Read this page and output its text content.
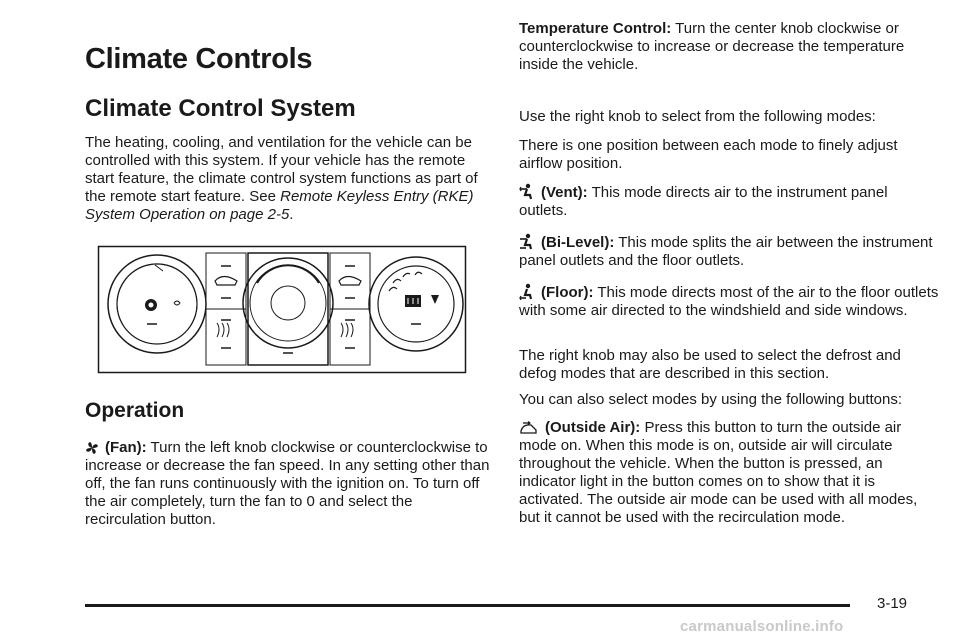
Climate Controls
Climate Control System

The heating, cooling, and ventilation for the vehicle can be controlled with this system. If your vehicle has the remote start feature, the climate control system functions as part of the remote start feature. See Remote Keyless Entry (RKE) System Operation on page 2-5.

Operation

(Fan): Turn the left knob clockwise or counterclockwise to increase or decrease the fan speed. In any setting other than off, the fan runs continuously with the ignition on. To turn off the air completely, turn the fan to 0 and select the recirculation button.

Temperature Control: Turn the center knob clockwise or counterclockwise to increase or decrease the temperature inside the vehicle.

Use the right knob to select from the following modes:

There is one position between each mode to finely adjust airflow position.

(Vent): This mode directs air to the instrument panel outlets.

(Bi-Level): This mode splits the air between the instrument panel outlets and the floor outlets.

(Floor): This mode directs most of the air to the floor outlets with some air directed to the windshield and side windows.

The right knob may also be used to select the defrost and defog modes that are described in this section.

You can also select modes by using the following buttons:

(Outside Air): Press this button to turn the outside air mode on. When this mode is on, outside air will circulate throughout the vehicle. When the button is pressed, an indicator light in the button comes on to show that it is activated. The outside air mode can be used with all modes, but it cannot be used with the recirculation mode.

3-19
carmanualsonline.info
